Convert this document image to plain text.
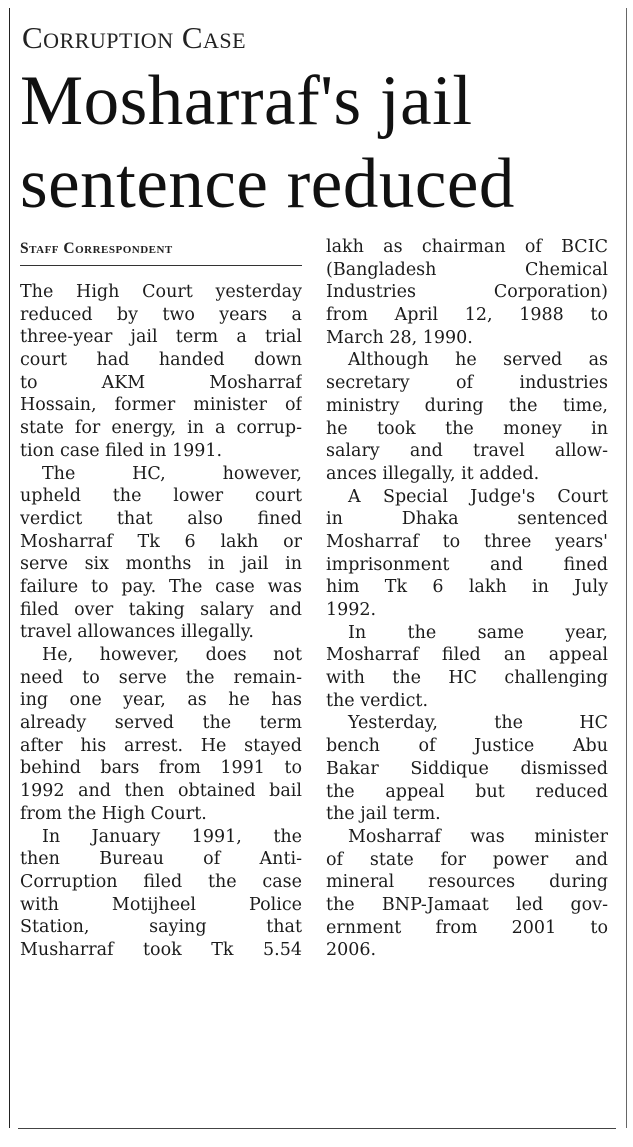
Corruption Case
Mosharraf's jail
sentence reduced
Staff Correspondent
The High Court yesterday
reduced by two years a
three-year jail term a trial
court had handed down
to AKM Mosharraf
Hossain, former minister of
state for energy, in a corrup-
tion case filed in 1991.
The HC, however,
upheld the lower court
verdict that also fined
Mosharraf Tk 6 lakh or
serve six months in jail in
failure to pay. The case was
filed over taking salary and
travel allowances illegally.
He, however, does not
need to serve the remain-
ing one year, as he has
already served the term
after his arrest. He stayed
behind bars from 1991 to
1992 and then obtained bail
from the High Court.
In January 1991, the
then Bureau of Anti-
Corruption filed the case
with Motijheel Police
Station, saying that
Musharraf took Tk 5.54
lakh as chairman of BCIC
(Bangladesh Chemical
Industries Corporation)
from April 12, 1988 to
March 28, 1990.
Although he served as
secretary of industries
ministry during the time,
he took the money in
salary and travel allow-
ances illegally, it added.
A Special Judge's Court
in Dhaka sentenced
Mosharraf to three years'
imprisonment and fined
him Tk 6 lakh in July
1992.
In the same year,
Mosharraf filed an appeal
with the HC challenging
the verdict.
Yesterday, the HC
bench of Justice Abu
Bakar Siddique dismissed
the appeal but reduced
the jail term.
Mosharraf was minister
of state for power and
mineral resources during
the BNP-Jamaat led gov-
ernment from 2001 to
2006.
